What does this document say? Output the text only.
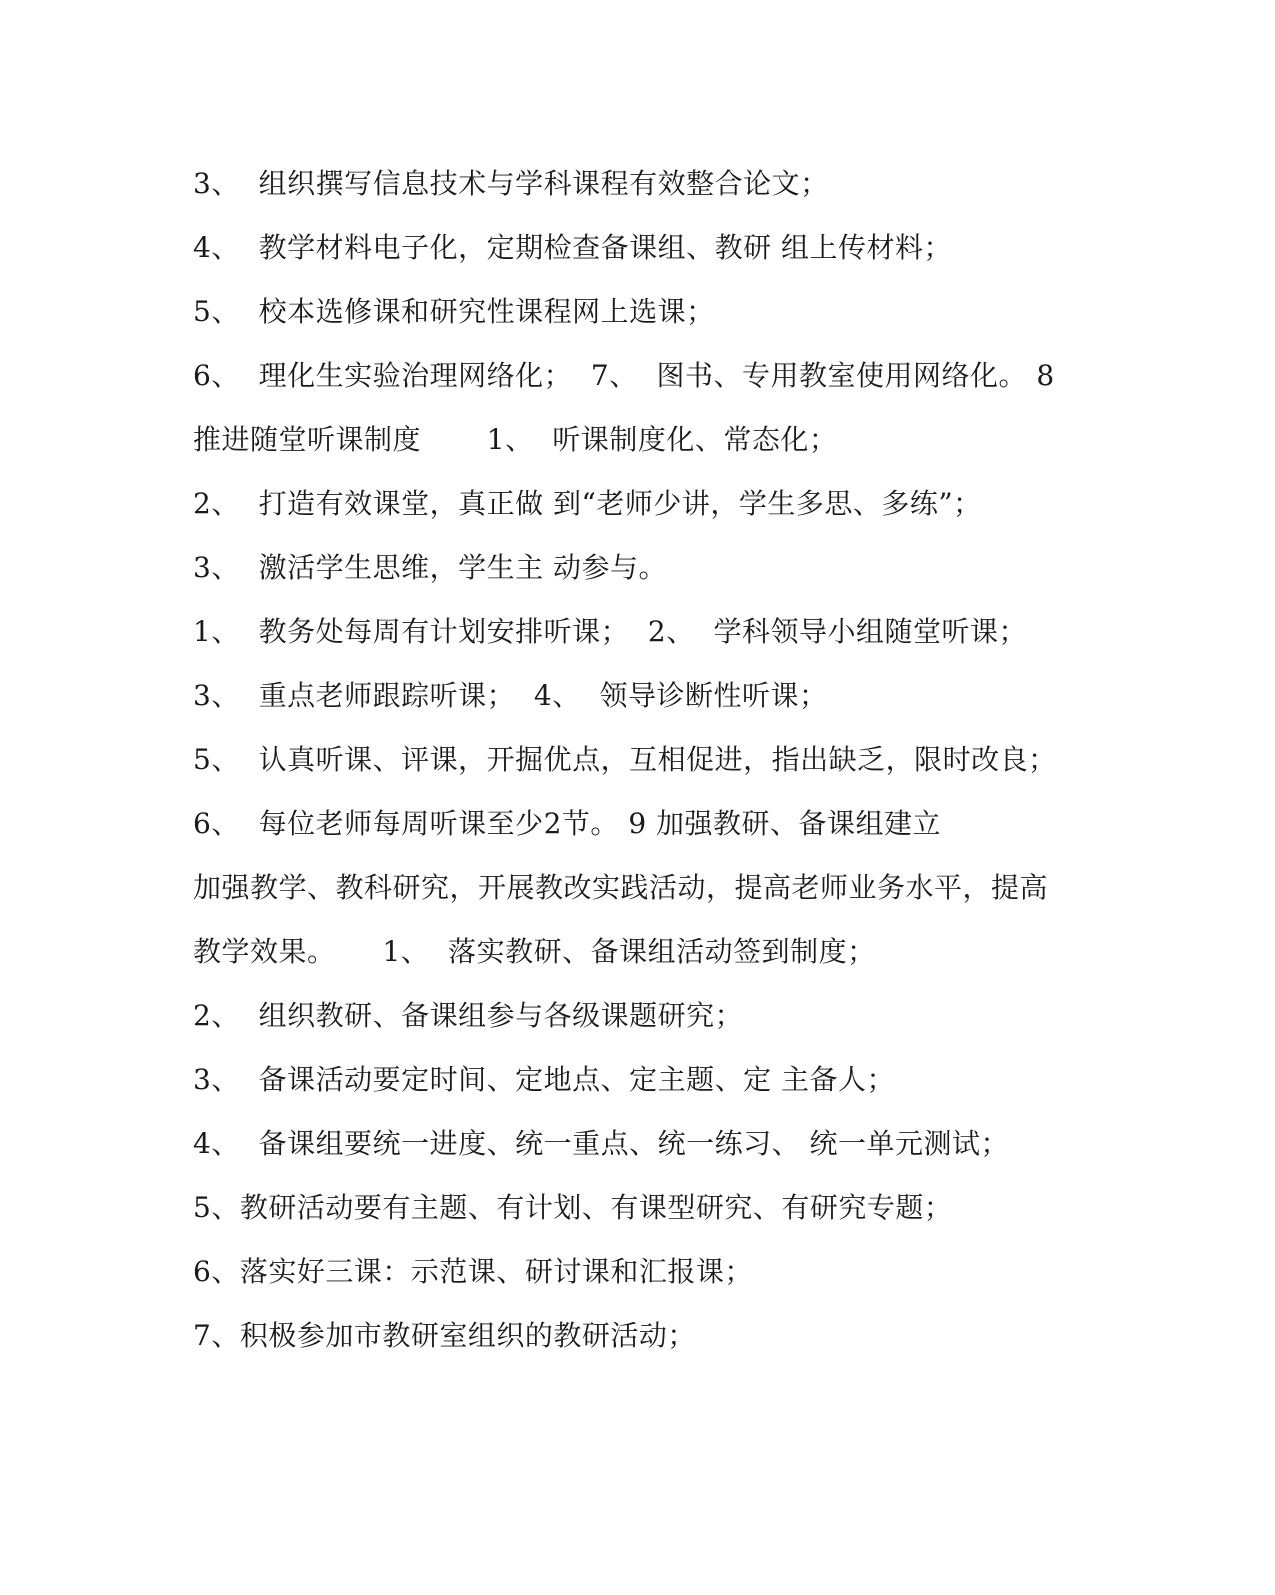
3、  组织撰写信息技术与学科课程有效整合论文；
4、  教学材料电子化，定期检查备课组、教研 组上传材料；
5、  校本选修课和研究性课程网上选课；
6、  理化生实验治理网络化；  7、  图书、专用教室使用网络化。 8
推进随堂听课制度       1、  听课制度化、常态化；
2、  打造有效课堂，真正做 到“老师少讲，学生多思、多练”；
3、  激活学生思维，学生主 动参与。
1、  教务处每周有计划安排听课；  2、  学科领导小组随堂听课；
3、  重点老师跟踪听课；  4、  领导诊断性听课；
5、  认真听课、评课，开掘优点，互相促进，指出缺乏，限时改良；
6、  每位老师每周听课至少2节。 9 加强教研、备课组建立
加强教学、教科研究，开展教改实践活动，提高老师业务水平，提高
教学效果。     1、  落实教研、备课组活动签到制度；
2、  组织教研、备课组参与各级课题研究；
3、  备课活动要定时间、定地点、定主题、定 主备人；
4、  备课组要统一进度、统一重点、统一练习、 统一单元测试；
5、教研活动要有主题、有计划、有课型研究、有研究专题；
6、落实好三课：示范课、研讨课和汇报课；
7、积极参加市教研室组织的教研活动；
